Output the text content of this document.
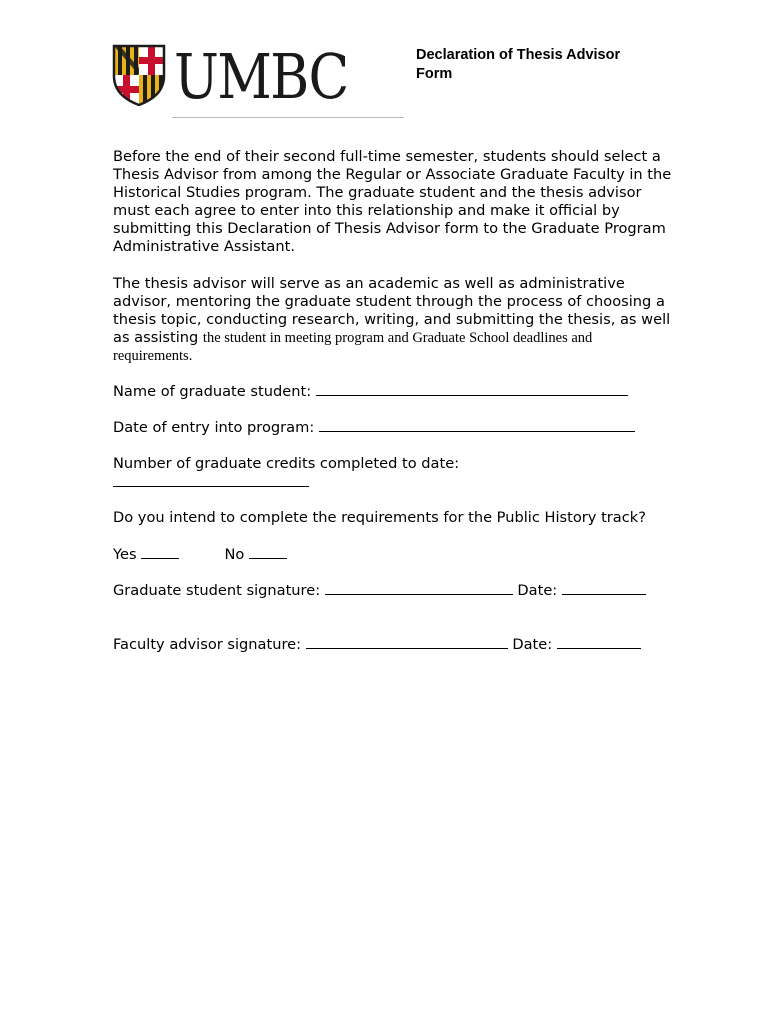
UMBC	Declaration of Thesis Advisor Form

Before the end of their second full-time semester, students should select a Thesis Advisor from among the Regular or Associate Graduate Faculty in the Historical Studies program. The graduate student and the thesis advisor must each agree to enter into this relationship and make it official by submitting this Declaration of Thesis Advisor form to the Graduate Program Administrative Assistant.

The thesis advisor will serve as an academic as well as administrative advisor, mentoring the graduate student through the process of choosing a thesis topic, conducting research, writing, and submitting the thesis, as well as assisting the student in meeting program and Graduate School deadlines and requirements.

Name of graduate student:
Date of entry into program:
Number of graduate credits completed to date:

Do you intend to complete the requirements for the Public History track?

Yes	No
Graduate student signature:	Date:
Faculty advisor signature:	Date:
